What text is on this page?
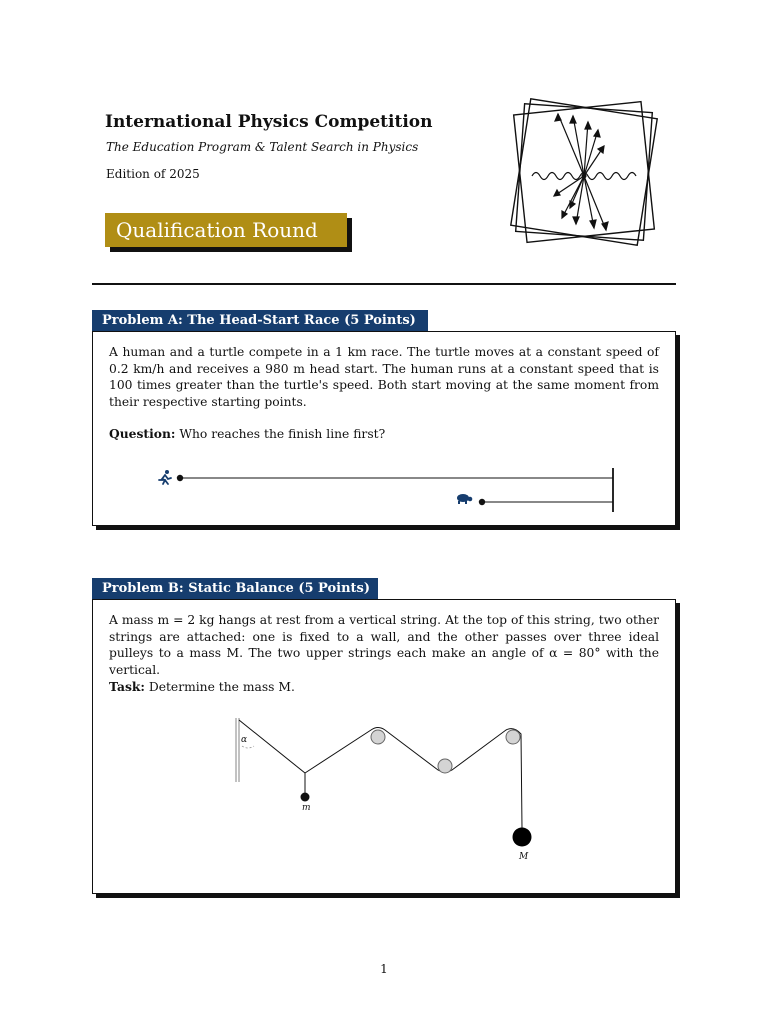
International Physics Competition
The Education Program & Talent Search in Physics
Edition of 2025
Qualification Round
Problem A: The Head-Start Race (5 Points)
A human and a turtle compete in a 1 km race. The turtle moves at a constant speed of 0.2 km/h and receives a 980 m head start. The human runs at a constant speed that is 100 times greater than the turtle's speed. Both start moving at the same moment from their respective starting points.
Question: Who reaches the finish line first?
Problem B: Static Balance (5 Points)
A mass m = 2 kg hangs at rest from a vertical string. At the top of this string, two other strings are attached: one is fixed to a wall, and the other passes over three ideal pulleys to a mass M. The two upper strings each make an angle of α = 80° with the vertical.
Task: Determine the mass M.
α
m
M
1
